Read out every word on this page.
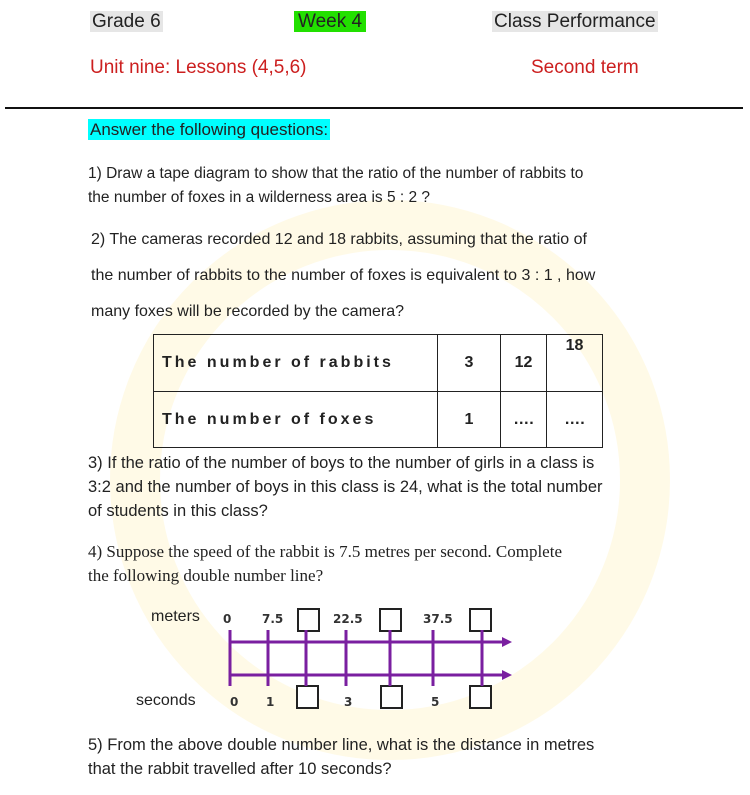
Grade 6	Week 4	Class Performance
Unit nine: Lessons (4,5,6)	Second term
Answer the following questions:
1) Draw a tape diagram to show that the ratio of the number of rabbits to
the number of foxes in a wilderness area is 5 : 2 ?
2) The cameras recorded 12 and 18 rabbits, assuming that the ratio of
the number of rabbits to the number of foxes is equivalent to 3 : 1 , how
many foxes will be recorded by the camera?
The number of rabbits	3	12	18
The number of foxes	1	….	….
3) If the ratio of the number of boys to the number of girls in a class is
3:2 and the number of boys in this class is 24, what is the total number
of students in this class?
4) Suppose the speed of the rabbit is 7.5 metres per second. Complete
the following double number line?
meters
seconds
0	7.5	22.5	37.5
0 1	3	5
5) From the above double number line, what is the distance in metres
that the rabbit travelled after 10 seconds?
